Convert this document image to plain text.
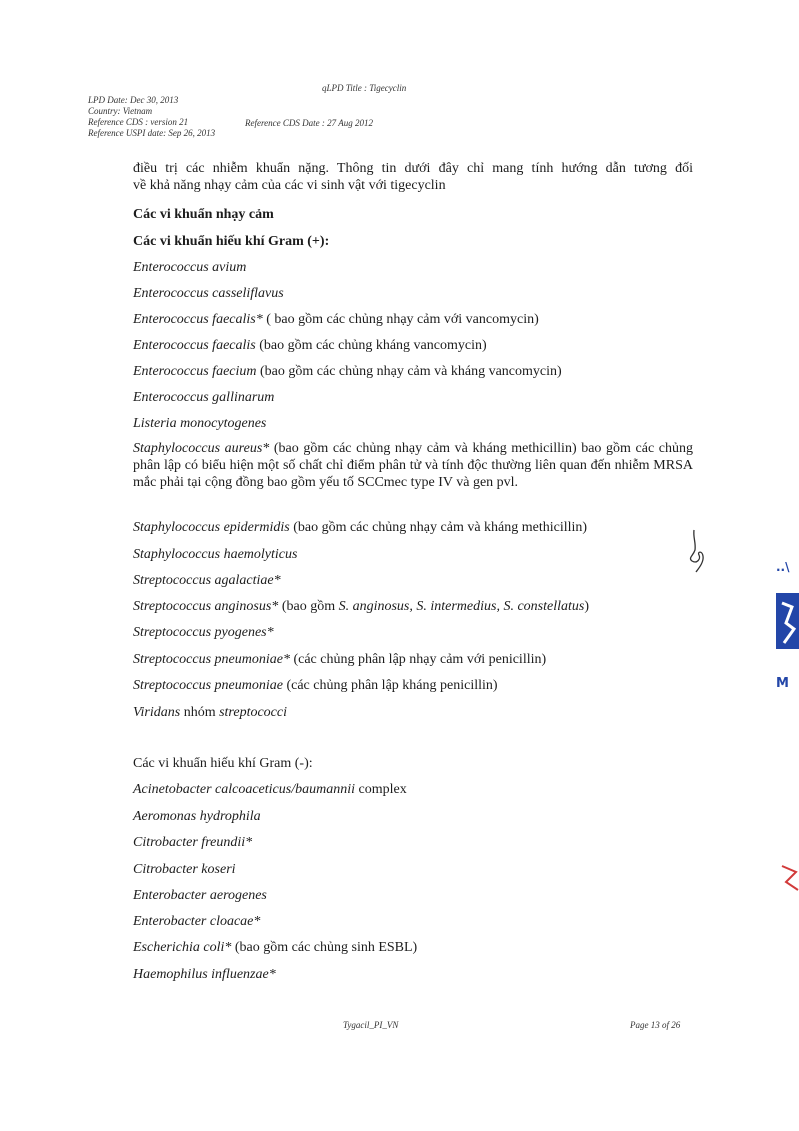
qLPD Title : Tigecyclin
LPD Date: Dec 30, 2013
Country: Vietnam
Reference CDS : version 21
Reference USPI date: Sep 26, 2013
Reference CDS Date : 27 Aug 2012
điều trị các nhiễm khuẩn nặng. Thông tin dưới đây chỉ mang tính hướng dẫn tương đối
về khả năng nhạy cảm của các vi sinh vật với tigecyclin
Các vi khuẩn nhạy cảm
Các vi khuẩn hiếu khí Gram (+):
Enterococcus avium
Enterococcus casseliflavus
Enterococcus faecalis* ( bao gồm các chủng nhạy cảm với vancomycin)
Enterococcus faecalis (bao gồm các chủng kháng vancomycin)
Enterococcus faecium (bao gồm các chủng nhạy cảm và kháng vancomycin)
Enterococcus gallinarum
Listeria monocytogenes
Staphylococcus aureus* (bao gồm các chủng nhạy cảm và kháng methicillin) bao gồm các chủng phân lập có biểu hiện một số chất chỉ điểm phân tử và tính độc thường liên quan đến nhiễm MRSA mắc phải tại cộng đồng bao gồm yếu tố SCCmec type IV và gen pvl.
Staphylococcus epidermidis (bao gồm các chủng nhạy cảm và kháng methicillin)
Staphylococcus haemolyticus
Streptococcus agalactiae*
Streptococcus anginosus* (bao gồm S. anginosus, S. intermedius, S. constellatus)
Streptococcus pyogenes*
Streptococcus pneumoniae* (các chủng phân lập nhạy cảm với penicillin)
Streptococcus pneumoniae (các chủng phân lập kháng penicillin)
Viridans nhóm streptococci
Các vi khuẩn hiếu khí Gram (-):
Acinetobacter calcoaceticus/baumannii complex
Aeromonas hydrophila
Citrobacter freundii*
Citrobacter koseri
Enterobacter aerogenes
Enterobacter cloacae*
Escherichia coli* (bao gồm các chủng sinh ESBL)
Haemophilus influenzae*
Tygacil_PI_VN	Page 13 of 26
..\
M
